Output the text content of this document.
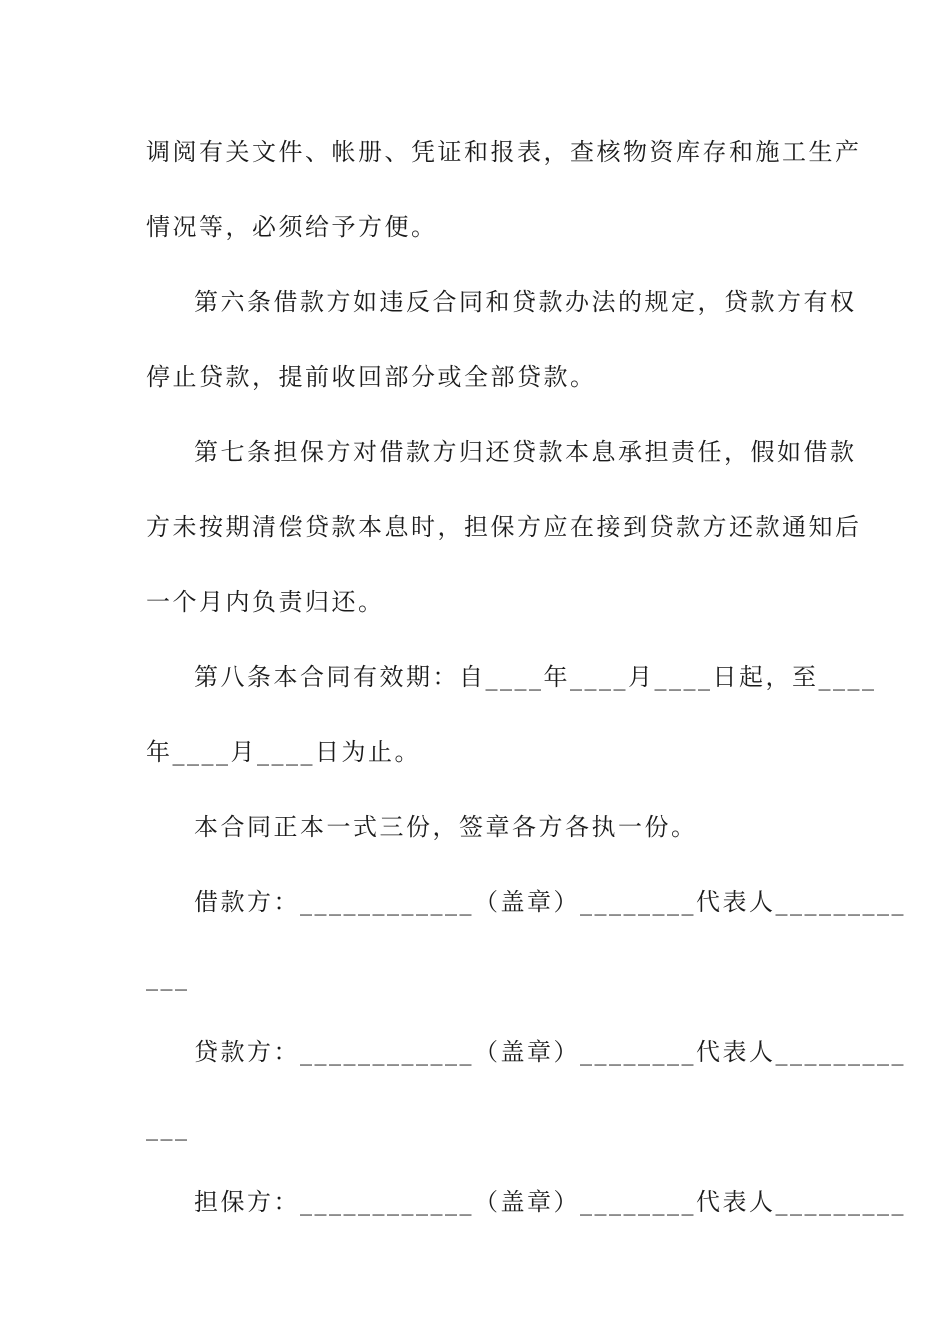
调阅有关文件、帐册、凭证和报表，查核物资库存和施工生产
情况等，必须给予方便。
第六条借款方如违反合同和贷款办法的规定，贷款方有权
停止贷款，提前收回部分或全部贷款。
第七条担保方对借款方归还贷款本息承担责任，假如借款
方未按期清偿贷款本息时，担保方应在接到贷款方还款通知后
一个月内负责归还。
第八条本合同有效期：自____年____月____日起，至____
年____月____日为止。
本合同正本一式三份，签章各方各执一份。
借款方：____________（盖章）________代表人_________
___
贷款方：____________（盖章）________代表人_________
___
担保方：____________（盖章）________代表人_________
